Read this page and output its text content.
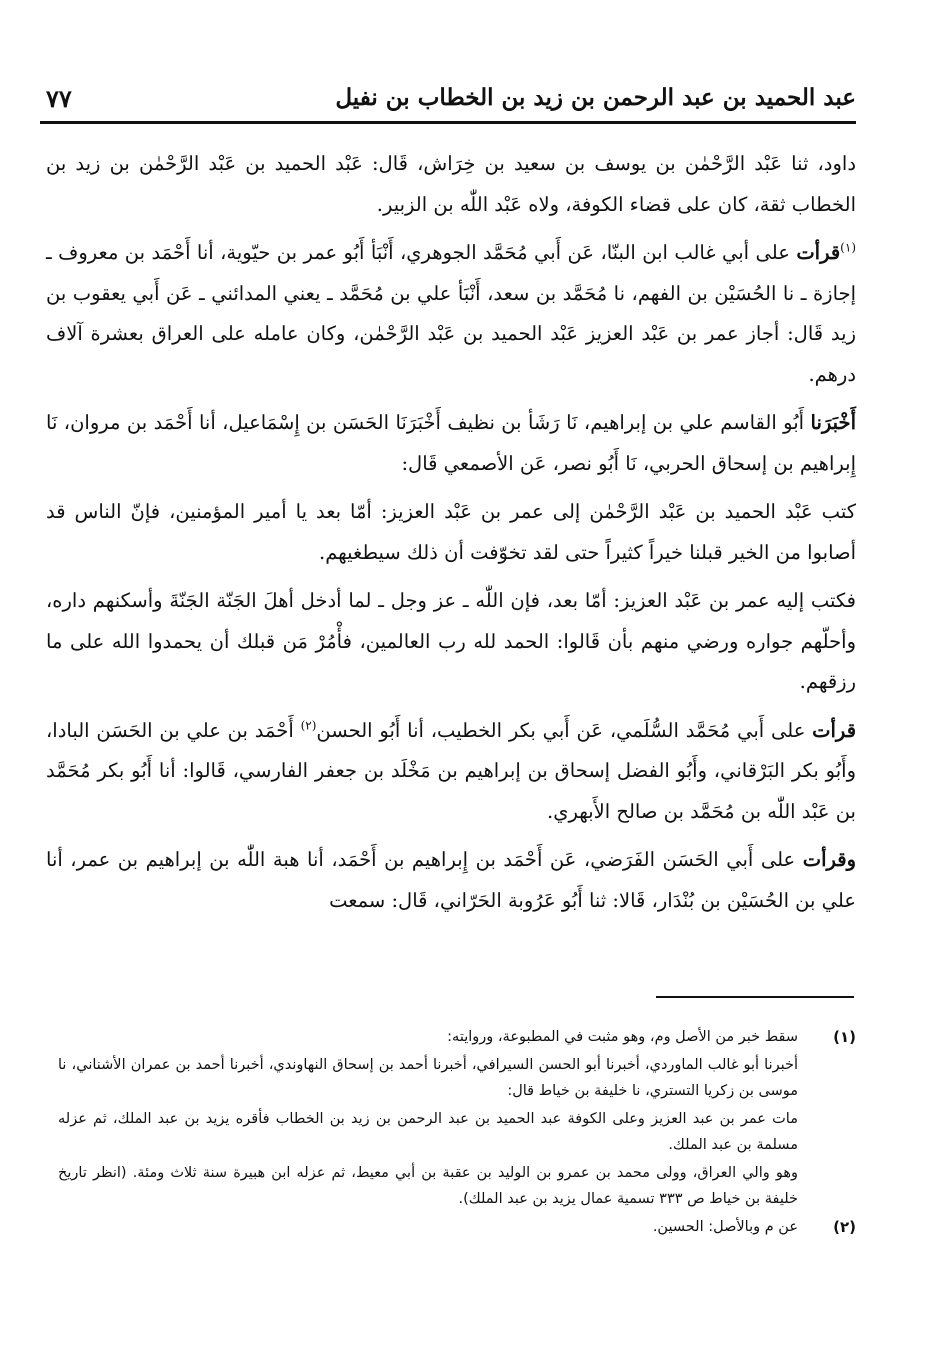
عبد الحميد بن عبد الرحمن بن زيد بن الخطاب بن نفيل
٧٧

داود، ثنا عَبْد الرَّحْمٰن بن يوسف بن سعيد بن خِرَاش، قَال: عَبْد الحميد بن عَبْد الرَّحْمٰن بن زيد بن الخطاب ثقة، كان على قضاء الكوفة، ولاه عَبْد اللّٰه بن الزبير.

$^{(١)}$قرأت على أبي غالب ابن البنّا، عَن أَبي مُحَمَّد الجوهري، أَنْبَأ أَبُو عمر بن حيّوية، أنا أَحْمَد بن معروف ـ إجازة ـ نا الحُسَيْن بن الفهم، نا مُحَمَّد بن سعد، أَنْبَأ علي بن مُحَمَّد ـ يعني المدائني ـ عَن أَبي يعقوب بن زيد قَال: أجاز عمر بن عَبْد العزيز عَبْد الحميد بن عَبْد الرَّحْمٰن، وكان عامله على العراق بعشرة آلاف درهم.

أَخْبَرَنا أَبُو القاسم علي بن إبراهيم، نَا رَشَأ بن نظيف أَخْبَرَنَا الحَسَن بن إِسْمَاعيل، أنا أَحْمَد بن مروان، نَا إِبراهيم بن إسحاق الحربي، نَا أَبُو نصر، عَن الأصمعي قَال:

كتب عَبْد الحميد بن عَبْد الرَّحْمٰن إلى عمر بن عَبْد العزيز: أمّا بعد يا أمير المؤمنين، فإنّ الناس قد أصابوا من الخير قبلنا خيراً كثيراً حتى لقد تخوّفت أن ذلك سيطغيهم.

فكتب إليه عمر بن عَبْد العزيز: أمّا بعد، فإن اللّٰه ـ عز وجل ـ لما أدخل أهلَ الجَنّة الجَنّةَ وأسكنهم داره، وأحلّهم جواره ورضي منهم بأن قَالوا: الحمد لله رب العالمين، فأْمُرْ مَن قبلك أن يحمدوا الله على ما رزقهم.

قرأت على أَبي مُحَمَّد السُّلَمي، عَن أَبي بكر الخطيب، أنا أَبُو الحسن$^{(٢)}$ أَحْمَد بن علي بن الحَسَن البادا، وأَبُو بكر البَرْقاني، وأَبُو الفضل إسحاق بن إبراهيم بن مَخْلَد بن جعفر الفارسي، قَالوا: أنا أَبُو بكر مُحَمَّد بن عَبْد اللّٰه بن مُحَمَّد بن صالح الأَبهري.

وقرأت على أَبي الحَسَن الفَرَضي، عَن أَحْمَد بن إِبراهيم بن أَحْمَد، أنا هبة اللّٰه بن إبراهيم بن عمر، أنا علي بن الحُسَيْن بن بُنْدَار، قَالا: ثنا أَبُو عَرُوبة الحَرّاني، قَال: سمعت

(١)

سقط خبر من الأصل وم، وهو مثبت في المطبوعة، وروايته:

أخبرنا أبو غالب الماوردي، أخبرنا أبو الحسن السيرافي، أخبرنا أحمد بن إسحاق النهاوندي، أخبرنا أحمد بن عمران الأشناني، نا موسى بن زكريا التستري، نا خليفة بن خياط قال:

مات عمر بن عبد العزيز وعلى الكوفة عبد الحميد بن عبد الرحمن بن زيد بن الخطاب فأقره يزيد بن عبد الملك، ثم عزله مسلمة بن عبد الملك.

وهو والي العراق، وولى محمد بن عمرو بن الوليد بن عقبة بن أبي معيط، ثم عزله ابن هبيرة سنة ثلاث ومئة. (انظر تاريخ خليفة بن خياط ص ٣٣٣ تسمية عمال يزيد بن عبد الملك).

(٢)

عن م وبالأصل: الحسين.
